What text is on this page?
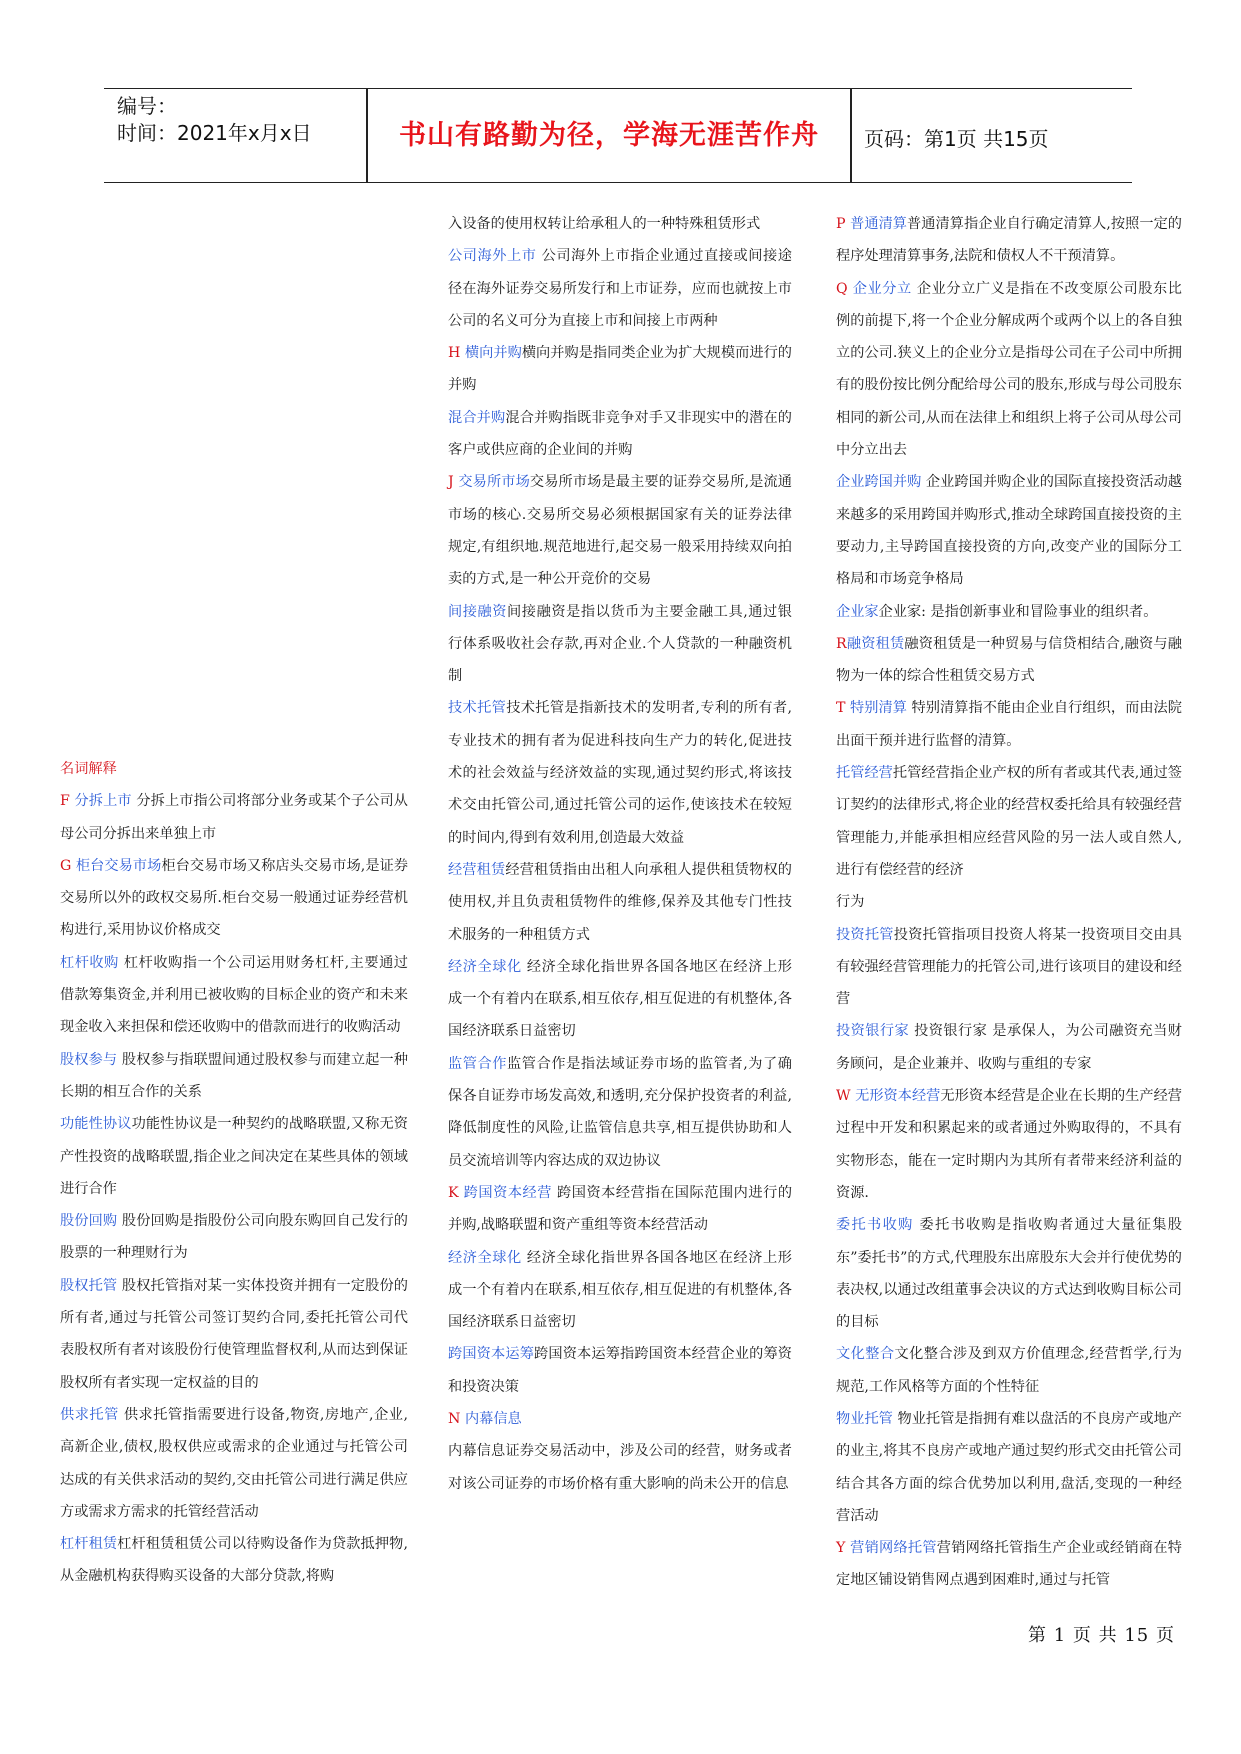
编号：
时间：2021年x月x日	书山有路勤为径，学海无涯苦作舟	页码：第1页 共15页

名词解释

F 分拆上市 分拆上市指公司将部分业务或某个子公司从母公司分拆出来单独上市

G 柜台交易市场柜台交易市场又称店头交易市场,是证券交易所以外的政权交易所.柜台交易一般通过证券经营机构进行,采用协议价格成交

杠杆收购 杠杆收购指一个公司运用财务杠杆,主要通过借款筹集资金,并利用已被收购的目标企业的资产和未来现金收入来担保和偿还收购中的借款而进行的收购活动

股权参与 股权参与指联盟间通过股权参与而建立起一种长期的相互合作的关系

功能性协议功能性协议是一种契约的战略联盟,又称无资产性投资的战略联盟,指企业之间决定在某些具体的领域进行合作

股份回购 股份回购是指股份公司向股东购回自己发行的股票的一种理财行为

股权托管 股权托管指对某一实体投资并拥有一定股份的所有者,通过与托管公司签订契约合同,委托托管公司代表股权所有者对该股份行使管理监督权利,从而达到保证股权所有者实现一定权益的目的

供求托管 供求托管指需要进行设备,物资,房地产,企业,高新企业,债权,股权供应或需求的企业通过与托管公司达成的有关供求活动的契约,交由托管公司进行满足供应方或需求方需求的托管经营活动

杠杆租赁杠杆租赁租赁公司以待购设备作为贷款抵押物,从金融机构获得购买设备的大部分贷款,将购

入设备的使用权转让给承租人的一种特殊租赁形式

公司海外上市 公司海外上市指企业通过直接或间接途径在海外证券交易所发行和上市证券，应而也就按上市公司的名义可分为直接上市和间接上市两种

H 横向并购横向并购是指同类企业为扩大规模而进行的并购

混合并购混合并购指既非竞争对手又非现实中的潜在的客户或供应商的企业间的并购

J 交易所市场交易所市场是最主要的证券交易所,是流通市场的核心.交易所交易必须根据国家有关的证券法律规定,有组织地.规范地进行,起交易一般采用持续双向拍卖的方式,是一种公开竞价的交易

间接融资间接融资是指以货币为主要金融工具,通过银行体系吸收社会存款,再对企业.个人贷款的一种融资机制

技术托管技术托管是指新技术的发明者,专利的所有者,专业技术的拥有者为促进科技向生产力的转化,促进技术的社会效益与经济效益的实现,通过契约形式,将该技术交由托管公司,通过托管公司的运作,使该技术在较短的时间内,得到有效利用,创造最大效益

经营租赁经营租赁指由出租人向承租人提供租赁物权的使用权,并且负责租赁物件的维修,保养及其他专门性技术服务的一种租赁方式

经济全球化 经济全球化指世界各国各地区在经济上形成一个有着内在联系,相互依存,相互促进的有机整体,各国经济联系日益密切

监管合作监管合作是指法域证券市场的监管者,为了确保各自证券市场发高效,和透明,充分保护投资者的利益,降低制度性的风险,让监管信息共享,相互提供协助和人员交流培训等内容达成的双边协议

K 跨国资本经营 跨国资本经营指在国际范围内进行的并购,战略联盟和资产重组等资本经营活动

经济全球化 经济全球化指世界各国各地区在经济上形成一个有着内在联系,相互依存,相互促进的有机整体,各国经济联系日益密切

跨国资本运筹跨国资本运筹指跨国资本经营企业的筹资和投资决策

N 内幕信息

内幕信息证券交易活动中，涉及公司的经营，财务或者对该公司证券的市场价格有重大影响的尚未公开的信息

P 普通清算普通清算指企业自行确定清算人,按照一定的程序处理清算事务,法院和债权人不干预清算。

Q 企业分立 企业分立广义是指在不改变原公司股东比例的前提下,将一个企业分解成两个或两个以上的各自独立的公司.狭义上的企业分立是指母公司在子公司中所拥有的股份按比例分配给母公司的股东,形成与母公司股东相同的新公司,从而在法律上和组织上将子公司从母公司中分立出去

企业跨国并购 企业跨国并购企业的国际直接投资活动越来越多的采用跨国并购形式,推动全球跨国直接投资的主要动力,主导跨国直接投资的方向,改变产业的国际分工格局和市场竞争格局

企业家企业家: 是指创新事业和冒险事业的组织者。

R融资租赁融资租赁是一种贸易与信贷相结合,融资与融物为一体的综合性租赁交易方式

T 特别清算 特别清算指不能由企业自行组织，而由法院出面干预并进行监督的清算。

托管经营托管经营指企业产权的所有者或其代表,通过签订契约的法律形式,将企业的经营权委托给具有较强经营管理能力,并能承担相应经营风险的另一法人或自然人,进行有偿经营的经济

行为

投资托管投资托管指项目投资人将某一投资项目交由具有较强经营管理能力的托管公司,进行该项目的建设和经营

投资银行家 投资银行家 是承保人，为公司融资充当财务顾问，是企业兼并、收购与重组的专家

W 无形资本经营无形资本经营是企业在长期的生产经营过程中开发和积累起来的或者通过外购取得的，不具有实物形态，能在一定时期内为其所有者带来经济利益的资源.

委托书收购 委托书收购是指收购者通过大量征集股东”委托书”的方式,代理股东出席股东大会并行使优势的表决权,以通过改组董事会决议的方式达到收购目标公司的目标

文化整合文化整合涉及到双方价值理念,经营哲学,行为规范,工作风格等方面的个性特征

物业托管 物业托管是指拥有难以盘活的不良房产或地产的业主,将其不良房产或地产通过契约形式交由托管公司结合其各方面的综合优势加以利用,盘活,变现的一种经营活动

Y 营销网络托管营销网络托管指生产企业或经销商在特定地区铺设销售网点遇到困难时,通过与托管

第 1 页 共 15 页
